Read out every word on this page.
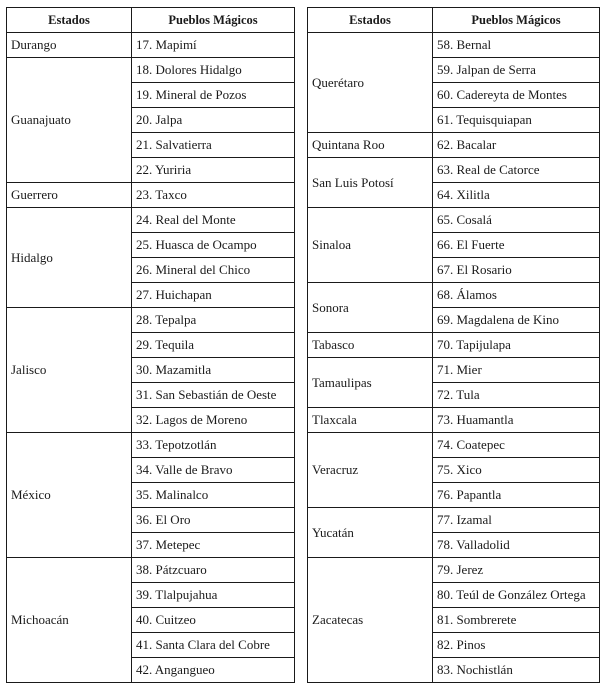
Estados	Pueblos Mágicos
Durango	17. Mapimí
Guanajuato	18. Dolores Hidalgo
	19. Mineral de Pozos
	20. Jalpa
	21. Salvatierra
	22. Yuriria
Guerrero	23. Taxco
Hidalgo	24. Real del Monte
	25. Huasca de Ocampo
	26. Mineral del Chico
	27. Huichapan
Jalisco	28. Tepalpa
	29. Tequila
	30. Mazamitla
	31. San Sebastián de Oeste
	32. Lagos de Moreno
México	33. Tepotzotlán
	34. Valle de Bravo
	35. Malinalco
	36. El Oro
	37. Metepec
Michoacán	38. Pátzcuaro
	39. Tlalpujahua
	40. Cuitzeo
	41. Santa Clara del Cobre
	42. Angangueo
Estados	Pueblos Mágicos
Querétaro	58. Bernal
	59. Jalpan de Serra
	60. Cadereyta de Montes
	61. Tequisquiapan
Quintana Roo	62. Bacalar
San Luis Potosí	63. Real de Catorce
	64. Xilitla
Sinaloa	65. Cosalá
	66. El Fuerte
	67. El Rosario
Sonora	68. Álamos
	69. Magdalena de Kino
Tabasco	70. Tapijulapa
Tamaulipas	71. Mier
	72. Tula
Tlaxcala	73. Huamantla
Veracruz	74. Coatepec
	75. Xico
	76. Papantla
Yucatán	77. Izamal
	78. Valladolid
Zacatecas	79. Jerez
	80. Teúl de González Ortega
	81. Sombrerete
	82. Pinos
	83. Nochistlán
